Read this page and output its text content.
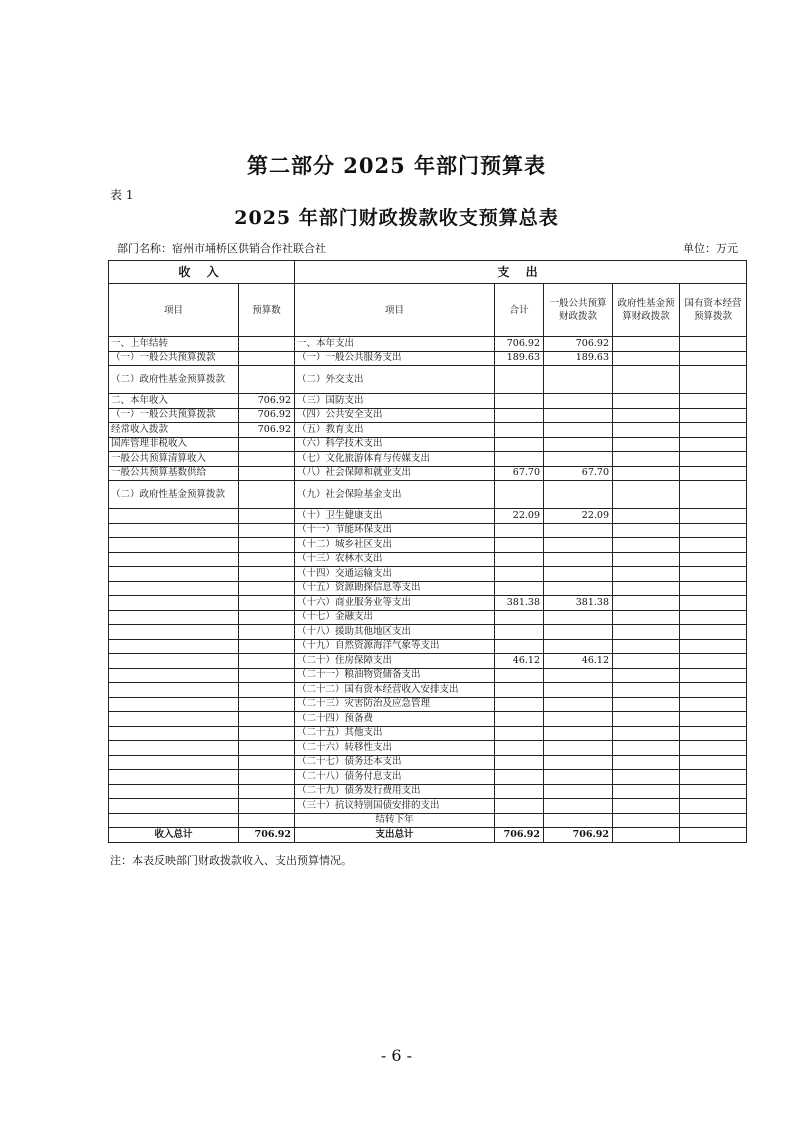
第二部分 2025 年部门预算表
表 1
2025 年部门财政拨款收支预算总表
部门名称：宿州市埇桥区供销合作社联合社	单位：万元
收 入		支 出				
项目	预算数	项目	合计	一般公共预算财政拨款	政府性基金预算财政拨款	国有资本经营预算拨款
一、上年结转		一、本年支出	706.92	706.92		
（一）一般公共预算拨款		（一）一般公共服务支出	189.63	189.63		
（二）政府性基金预算拨款		（二）外交支出				
二、本年收入	706.92	（三）国防支出				
（一）一般公共预算拨款	706.92	（四）公共安全支出				
经常收入拨款	706.92	（五）教育支出				
国库管理非税收入		（六）科学技术支出				
一般公共预算清算收入		（七）文化旅游体育与传媒支出				
一般公共预算基数供给		（八）社会保障和就业支出	67.70	67.70		
（二）政府性基金预算拨款		（九）社会保险基金支出				
		（十）卫生健康支出	22.09	22.09		
		（十一）节能环保支出				
		（十二）城乡社区支出				
		（十三）农林水支出				
		（十四）交通运输支出				
		（十五）资源勘探信息等支出				
		（十六）商业服务业等支出	381.38	381.38		
		（十七）金融支出				
		（十八）援助其他地区支出				
		（十九）自然资源海洋气象等支出				
		（二十）住房保障支出	46.12	46.12		
		（二十一）粮油物资储备支出				
		（二十二）国有资本经营收入安排支出				
		（二十三）灾害防治及应急管理				
		（二十四）预备费				
		（二十五）其他支出				
		（二十六）转移性支出				
		（二十七）债务还本支出				
		（二十八）债务付息支出				
		（二十九）债务发行费用支出				
		（三十）抗议特别国债安排的支出				
		结转下年				
收入总计	706.92	支出总计	706.92	706.92		
注：本表反映部门财政拨款收入、支出预算情况。
- 6 -
